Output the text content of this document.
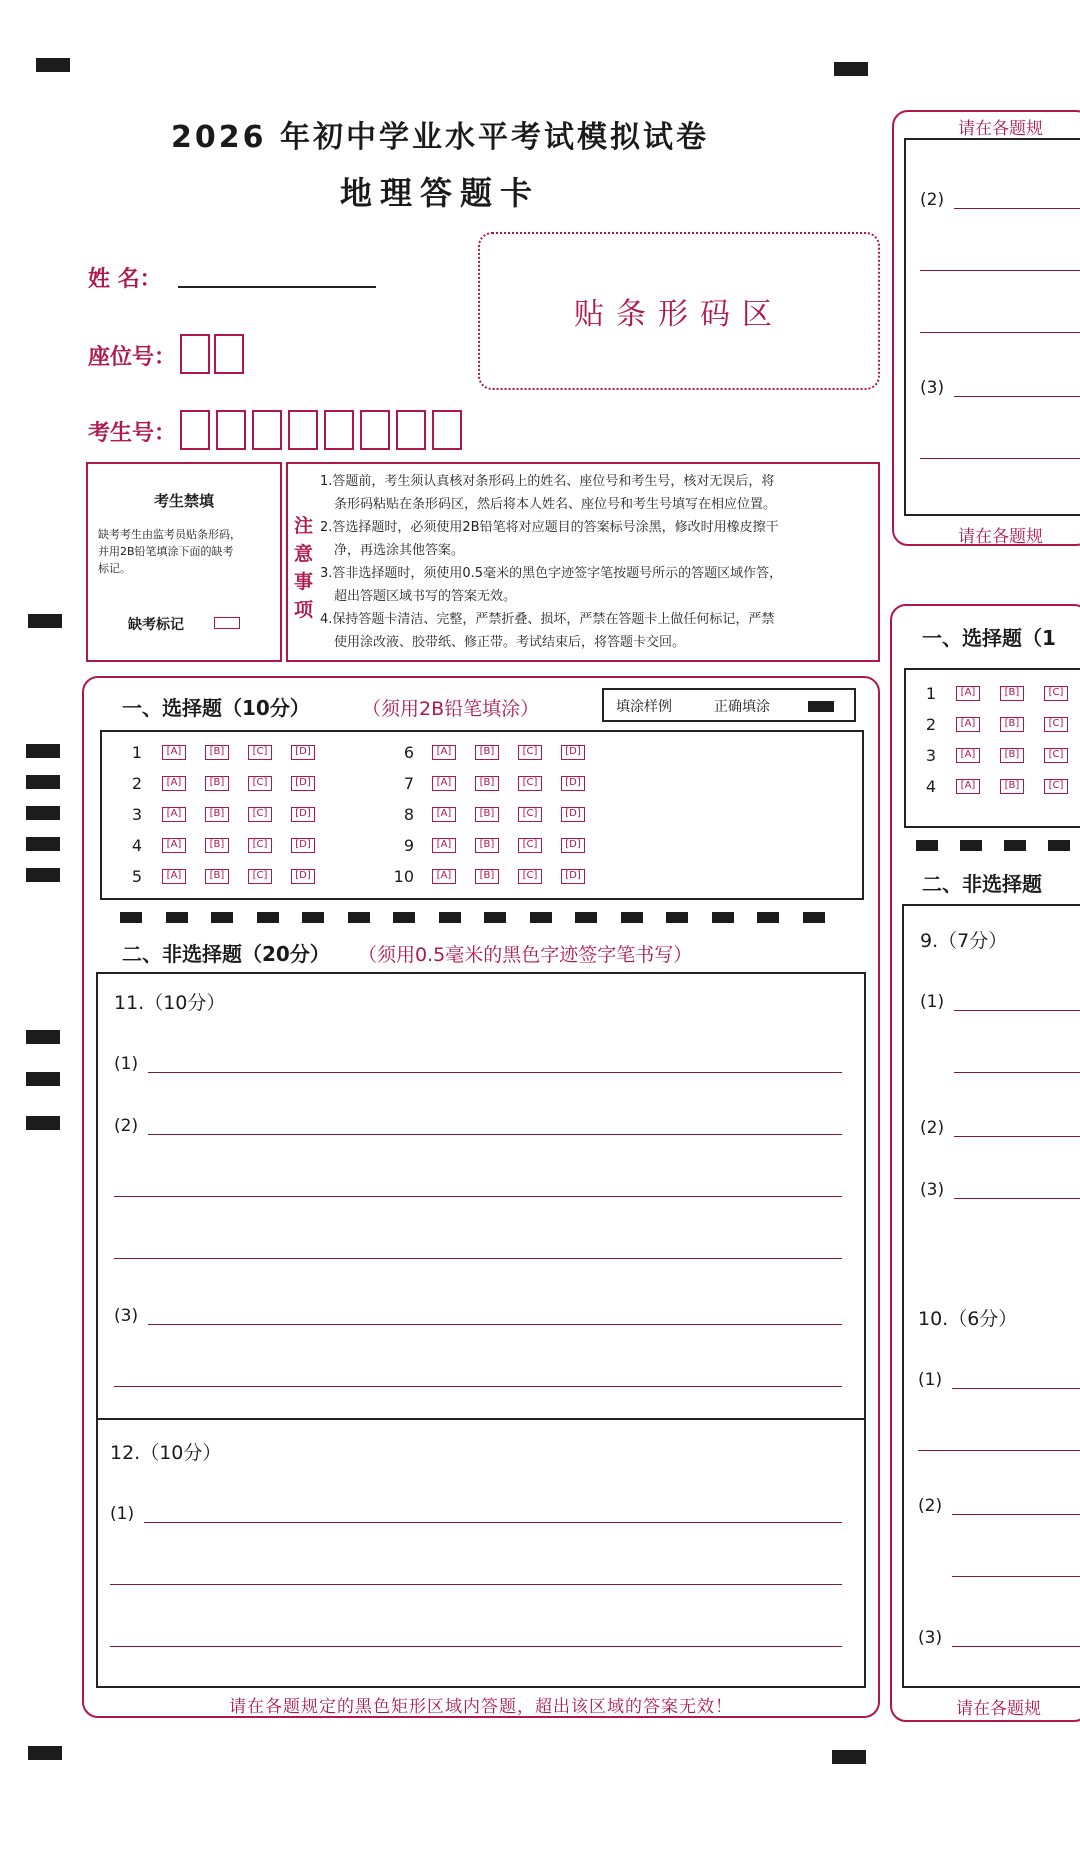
2026 年初中学业水平考试模拟试卷
地理答题卡
姓 名：
座位号：
考生号：
贴条形码区
考生禁填
缺考考生由监考员贴条形码，
并用2B铅笔填涂下面的缺考
标记。
缺考标记
注
意
事
项
1.答题前，考生须认真核对条形码上的姓名、座位号和考生号，核对无误后，将
条形码粘贴在条形码区，然后将本人姓名、座位号和考生号填写在相应位置。
2.答选择题时，必须使用2B铅笔将对应题目的答案标号涂黑，修改时用橡皮擦干
净，再选涂其他答案。
3.答非选择题时，须使用0.5毫米的黑色字迹签字笔按题号所示的答题区域作答，
超出答题区域书写的答案无效。
4.保持答题卡清洁、完整，严禁折叠、损坏，严禁在答题卡上做任何标记，严禁
使用涂改液、胶带纸、修正带。考试结束后，将答题卡交回。
一、选择题（10分）	（须用2B铅笔填涂）	填涂样例	正确填涂
二、非选择题（20分） （须用0.5毫米的黑色字迹签字笔书写）
11.（10分）
(1)
(2)
(3)
12.（10分）
(1)
请在各题规定的黑色矩形区域内答题，超出该区域的答案无效！
请在各题规
(2)
(3)
请在各题规
一、选择题（1
二、非选择题
9.（7分）
(1)
(2)
(3)
10.（6分）
(1)
(2)
(3)
请在各题规
1	[A]	[B]	[C]	[D]
2	[A]	[B]	[C]	[D]
3	[A]	[B]	[C]	[D]
4	[A]	[B]	[C]	[D]
5	[A]	[B]	[C]	[D]
6	[A]	[B]	[C]	[D]
7	[A]	[B]	[C]	[D]
8	[A]	[B]	[C]	[D]
9	[A]	[B]	[C]	[D]
10	[A]	[B]	[C]	[D]
1	[A]	[B]	[C]
2	[A]	[B]	[C]
3	[A]	[B]	[C]
4	[A]	[B]	[C]
